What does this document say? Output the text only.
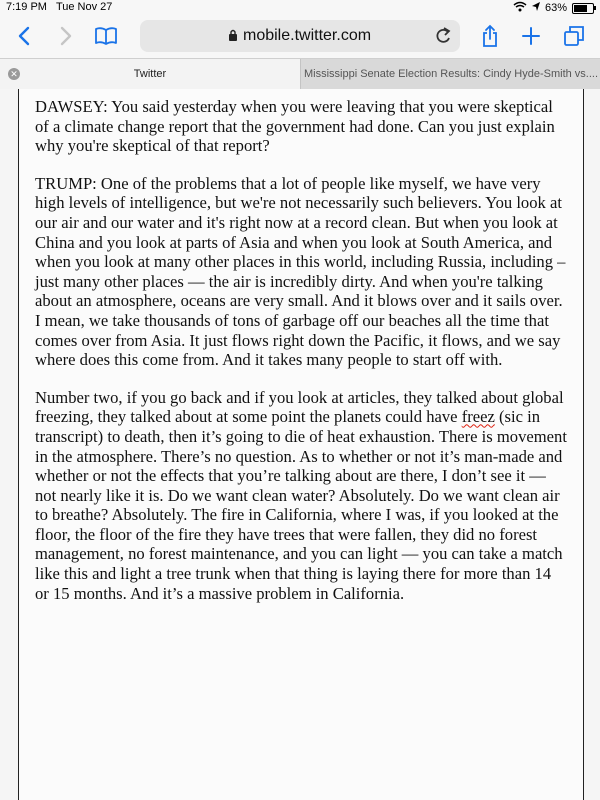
7:19 PM Tue Nov 27	63%
mobile.twitter.com
✕	Twitter	Mississippi Senate Election Results: Cindy Hyde-Smith vs....

DAWSEY: You said yesterday when you were leaving that you were skeptical of a climate change report that the government had done. Can you just explain why you're skeptical of that report?

TRUMP: One of the problems that a lot of people like myself, we have very high levels of intelligence, but we're not necessarily such believers. You look at our air and our water and it's right now at a record clean. But when you look at China and you look at parts of Asia and when you look at South America, and when you look at many other places in this world, including Russia, including – just many other places — the air is incredibly dirty. And when you're talking about an atmosphere, oceans are very small. And it blows over and it sails over. I mean, we take thousands of tons of garbage off our beaches all the time that comes over from Asia. It just flows right down the Pacific, it flows, and we say where does this come from. And it takes many people to start off with.

Number two, if you go back and if you look at articles, they talked about global freezing, they talked about at some point the planets could have freez (sic in transcript) to death, then it’s going to die of heat exhaustion. There is movement in the atmosphere. There’s no question. As to whether or not it’s man-made and whether or not the effects that you’re talking about are there, I don’t see it — not nearly like it is. Do we want clean water? Absolutely. Do we want clean air to breathe? Absolutely. The fire in California, where I was, if you looked at the floor, the floor of the fire they have trees that were fallen, they did no forest management, no forest maintenance, and you can light — you can take a match like this and light a tree trunk when that thing is laying there for more than 14 or 15 months. And it’s a massive problem in California.
